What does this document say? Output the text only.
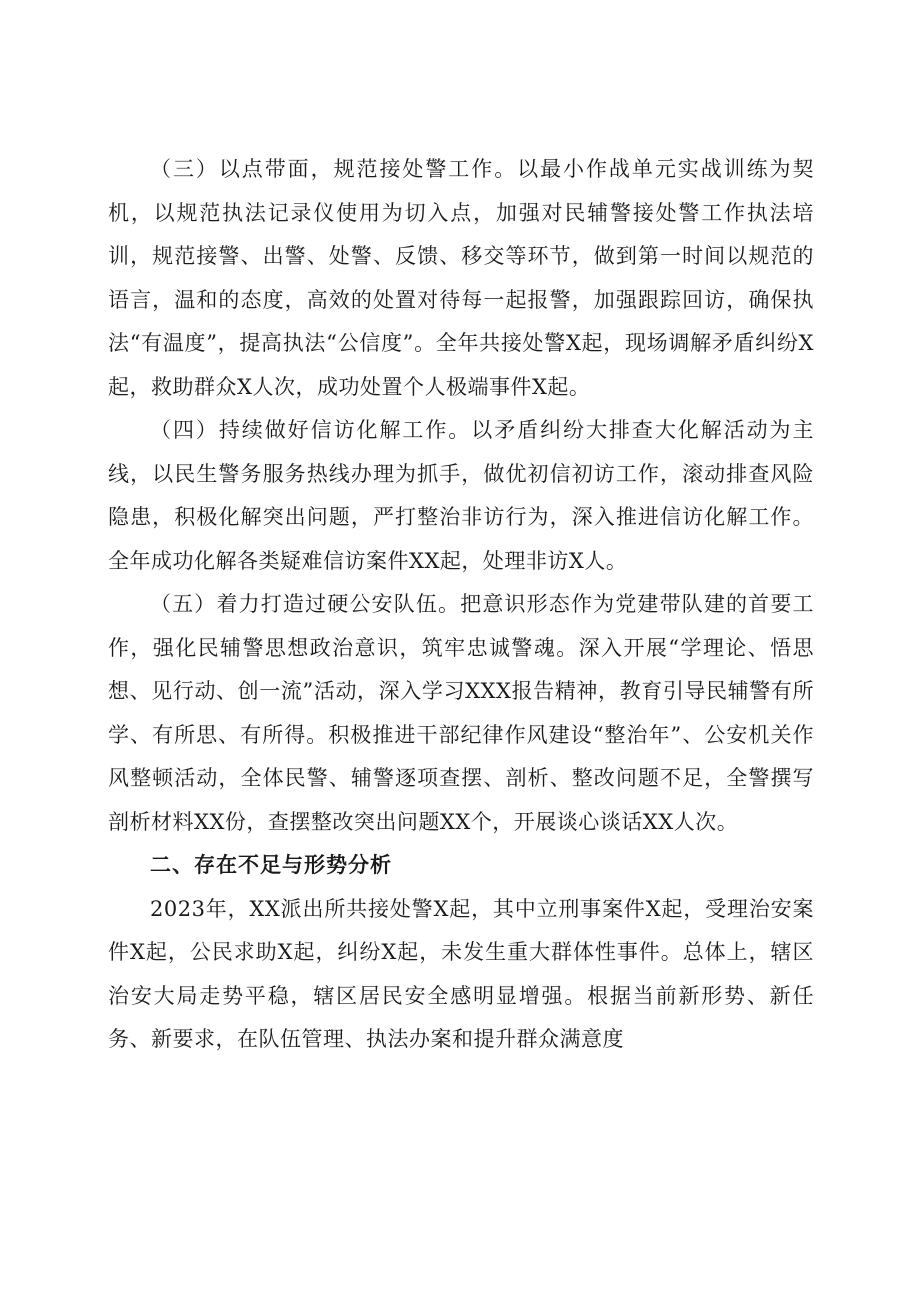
（三）以点带面，规范接处警工作。以最小作战单元实战训练为契机，以规范执法记录仪使用为切入点，加强对民辅警接处警工作执法培训，规范接警、出警、处警、反馈、移交等环节，做到第一时间以规范的语言，温和的态度，高效的处置对待每一起报警，加强跟踪回访，确保执法“有温度”，提高执法“公信度”。全年共接处警X起，现场调解矛盾纠纷X起，救助群众X人次，成功处置个人极端事件X起。

（四）持续做好信访化解工作。以矛盾纠纷大排查大化解活动为主线，以民生警务服务热线办理为抓手，做优初信初访工作，滚动排查风险隐患，积极化解突出问题，严打整治非访行为，深入推进信访化解工作。全年成功化解各类疑难信访案件XX起，处理非访X人。

（五）着力打造过硬公安队伍。把意识形态作为党建带队建的首要工作，强化民辅警思想政治意识，筑牢忠诚警魂。深入开展“学理论、悟思想、见行动、创一流”活动，深入学习XXX报告精神，教育引导民辅警有所学、有所思、有所得。积极推进干部纪律作风建设“整治年”、公安机关作风整顿活动，全体民警、辅警逐项查摆、剖析、整改问题不足，全警撰写剖析材料XX份，查摆整改突出问题XX个，开展谈心谈话XX人次。

二、存在不足与形势分析

2023年，XX派出所共接处警X起，其中立刑事案件X起，受理治安案件X起，公民求助X起，纠纷X起，未发生重大群体性事件。总体上，辖区治安大局走势平稳，辖区居民安全感明显增强。根据当前新形势、新任务、新要求，在队伍管理、执法办案和提升群众满意度
